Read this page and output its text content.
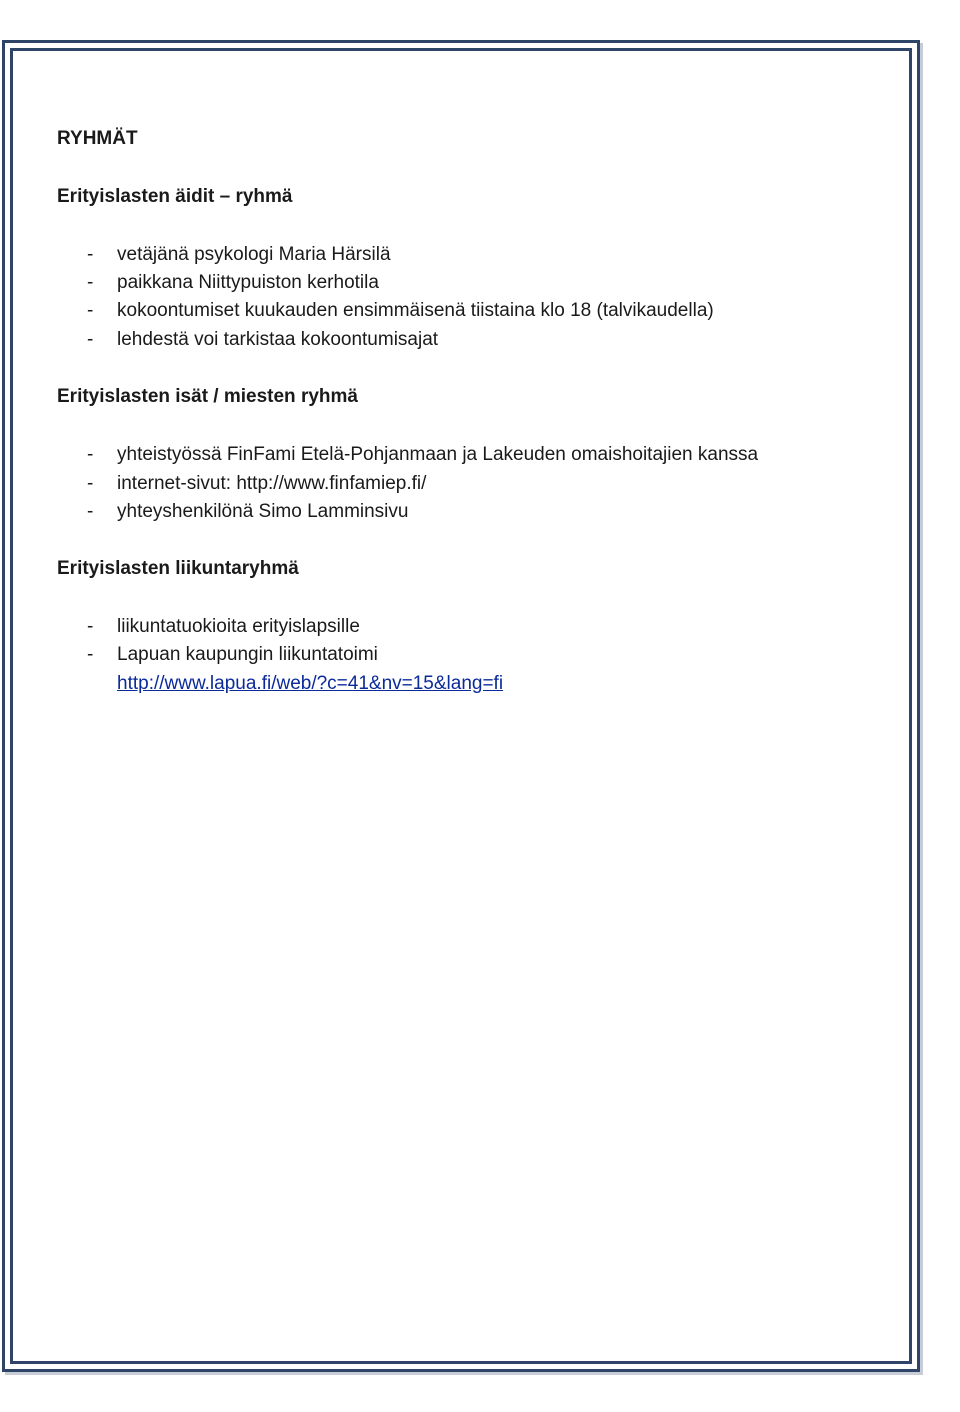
RYHMÄT
Erityislasten äidit – ryhmä
- vetäjänä psykologi Maria Härsilä
- paikkana Niittypuiston kerhotila
- kokoontumiset kuukauden ensimmäisenä tiistaina klo 18 (talvikaudella)
- lehdestä voi tarkistaa kokoontumisajat
Erityislasten isät / miesten ryhmä
- yhteistyössä FinFami Etelä-Pohjanmaan ja Lakeuden omaishoitajien kanssa
- internet-sivut: http://www.finfamiep.fi/
- yhteyshenkilönä Simo Lamminsivu
Erityislasten liikuntaryhmä
- liikuntatuokioita erityislapsille
- Lapuan kaupungin liikuntatoimi
http://www.lapua.fi/web/?c=41&nv=15&lang=fi
